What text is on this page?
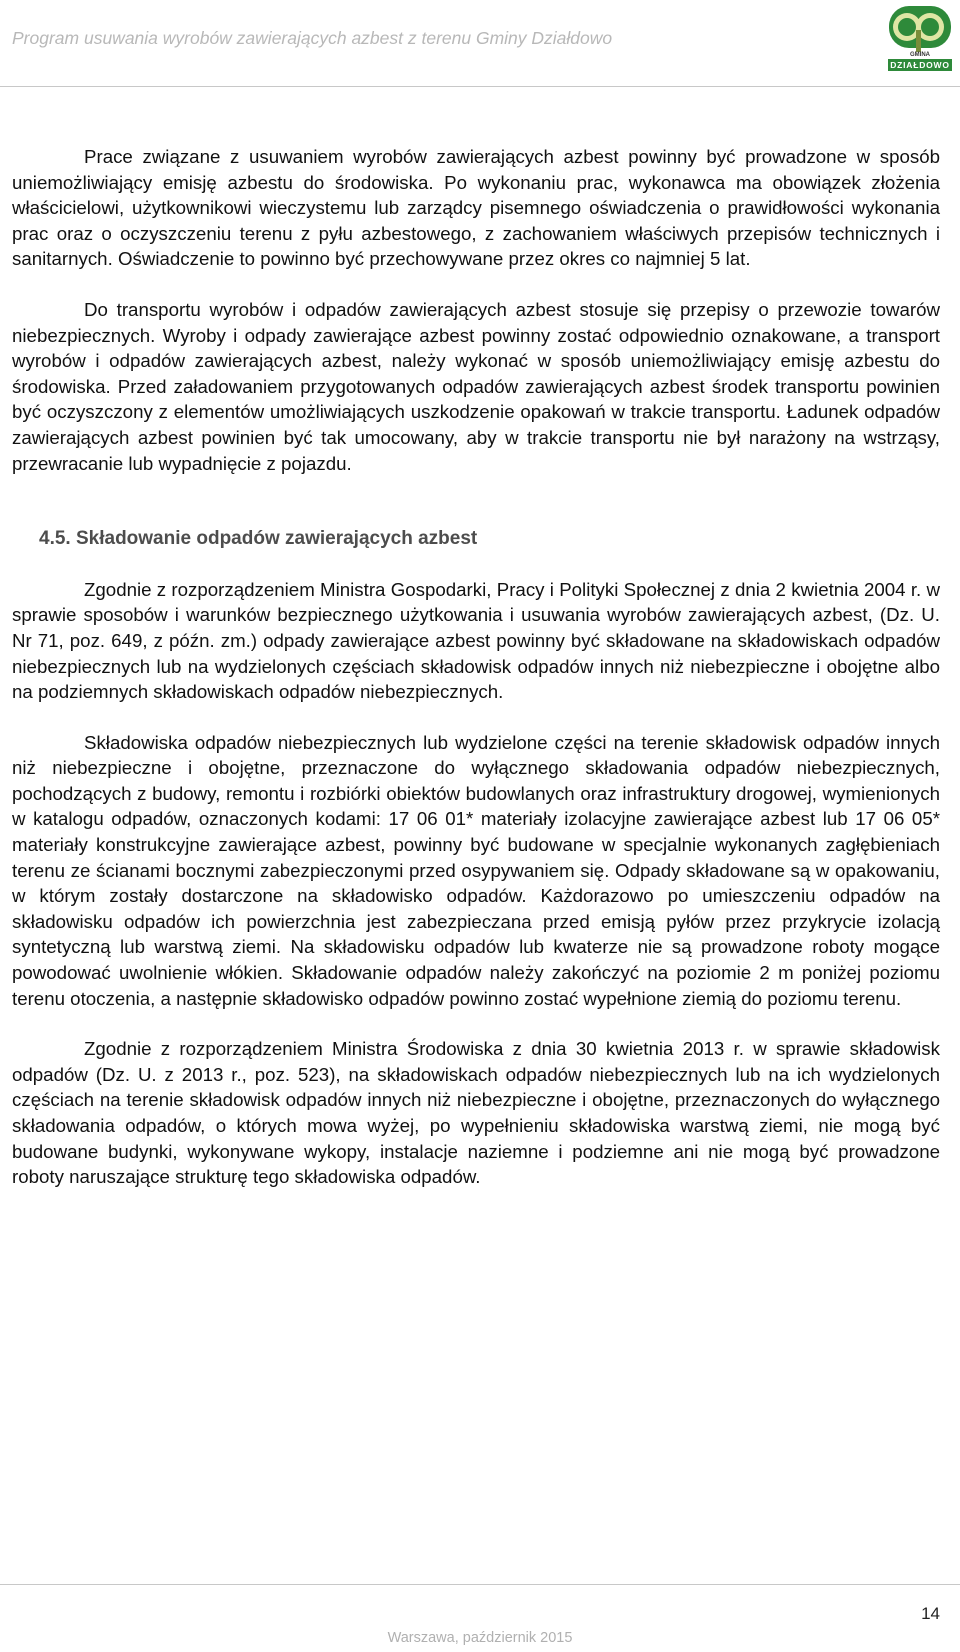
Program usuwania wyrobów zawierających azbest z terenu Gminy Działdowo
GMINA
DZIAŁDOWO

Prace związane z usuwaniem wyrobów zawierających azbest powinny być prowadzone w sposób uniemożliwiający emisję azbestu do środowiska. Po wykonaniu prac, wykonawca ma obowiązek złożenia właścicielowi, użytkownikowi wieczystemu lub zarządcy pisemnego oświadczenia o prawidłowości wykonania prac oraz o oczyszczeniu terenu z pyłu azbestowego, z zachowaniem właściwych przepisów technicznych i sanitarnych. Oświadczenie to powinno być przechowywane przez okres co najmniej 5 lat.

Do transportu wyrobów i odpadów zawierających azbest stosuje się przepisy o przewozie towarów niebezpiecznych. Wyroby i odpady zawierające azbest powinny zostać odpowiednio oznakowane, a transport wyrobów i odpadów zawierających azbest, należy wykonać w sposób uniemożliwiający emisję azbestu do środowiska. Przed załadowaniem przygotowanych odpadów zawierających azbest środek transportu powinien być oczyszczony z elementów umożliwiających uszkodzenie opakowań w trakcie transportu. Ładunek odpadów zawierających azbest powinien być tak umocowany, aby w trakcie transportu nie był narażony na wstrząsy, przewracanie lub wypadnięcie z pojazdu.

4.5. Składowanie odpadów zawierających azbest

Zgodnie z rozporządzeniem Ministra Gospodarki, Pracy i Polityki Społecznej z dnia 2 kwietnia 2004 r. w sprawie sposobów i warunków bezpiecznego użytkowania i usuwania wyrobów zawierających azbest, (Dz. U. Nr 71, poz. 649, z późn. zm.) odpady zawierające azbest powinny być składowane na składowiskach odpadów niebezpiecznych lub na wydzielonych częściach składowisk odpadów innych niż niebezpieczne i obojętne albo na podziemnych składowiskach odpadów niebezpiecznych.

Składowiska odpadów niebezpiecznych lub wydzielone części na terenie składowisk odpadów innych niż niebezpieczne i obojętne, przeznaczone do wyłącznego składowania odpadów niebezpiecznych, pochodzących z budowy, remontu i rozbiórki obiektów budowlanych oraz infrastruktury drogowej, wymienionych w katalogu odpadów, oznaczonych kodami: 17 06 01* materiały izolacyjne zawierające azbest lub 17 06 05* materiały konstrukcyjne zawierające azbest, powinny być budowane w specjalnie wykonanych zagłębieniach terenu ze ścianami bocznymi zabezpieczonymi przed osypywaniem się. Odpady składowane są w opakowaniu, w którym zostały dostarczone na składowisko odpadów. Każdorazowo po umieszczeniu odpadów na składowisku odpadów ich powierzchnia jest zabezpieczana przed emisją pyłów przez przykrycie izolacją syntetyczną lub warstwą ziemi. Na składowisku odpadów lub kwaterze nie są prowadzone roboty mogące powodować uwolnienie włókien. Składowanie odpadów należy zakończyć na poziomie 2 m poniżej poziomu terenu otoczenia, a następnie składowisko odpadów powinno zostać wypełnione ziemią do poziomu terenu.

Zgodnie z rozporządzeniem Ministra Środowiska z dnia 30 kwietnia 2013 r. w sprawie składowisk odpadów (Dz. U. z 2013 r., poz. 523), na składowiskach odpadów niebezpiecznych lub na ich wydzielonych częściach na terenie składowisk odpadów innych niż niebezpieczne i obojętne, przeznaczonych do wyłącznego składowania odpadów, o których mowa wyżej, po wypełnieniu składowiska warstwą ziemi, nie mogą być budowane budynki, wykonywane wykopy, instalacje naziemne i podziemne ani nie mogą być prowadzone roboty naruszające strukturę tego składowiska odpadów.

14
Warszawa, październik 2015
